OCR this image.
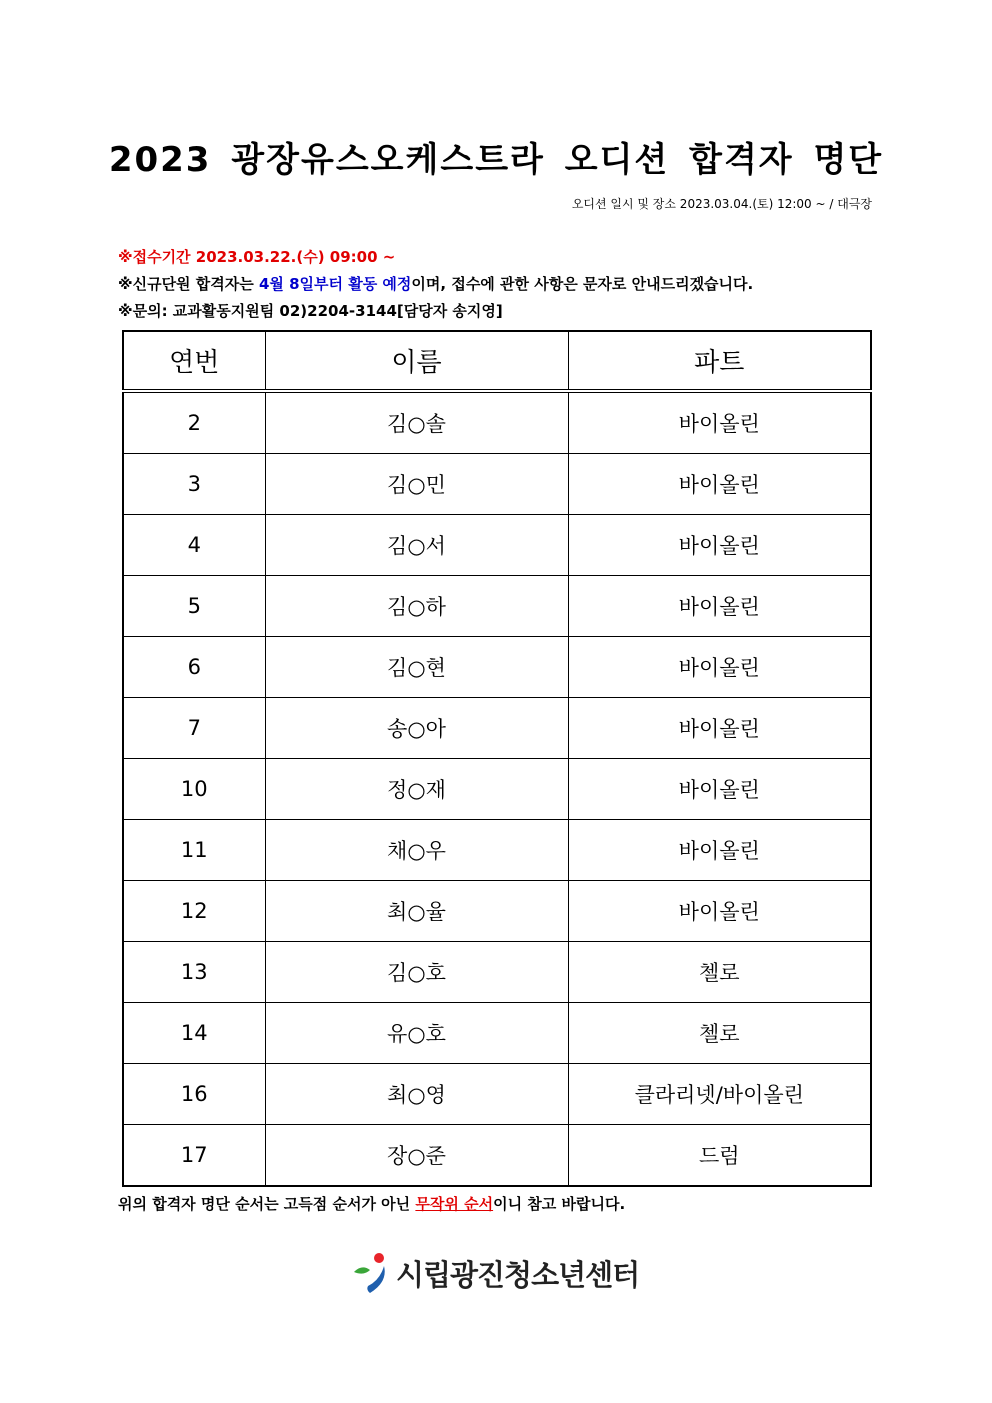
2023 광장유스오케스트라 오디션 합격자 명단
오디션 일시 및 장소 2023.03.04.(토) 12:00 ~ / 대극장
※접수기간 2023.03.22.(수) 09:00 ~
※신규단원 합격자는 4월 8일부터 활동 예정이며, 접수에 관한 사항은 문자로 안내드리겠습니다.
※문의: 교과활동지원팀 02)2204-3144[담당자 송지영]
연번	이름	파트
2	김○솔	바이올린
3	김○민	바이올린
4	김○서	바이올린
5	김○하	바이올린
6	김○현	바이올린
7	송○아	바이올린
10	정○재	바이올린
11	채○우	바이올린
12	최○율	바이올린
13	김○호	첼로
14	유○호	첼로
16	최○영	클라리넷/바이올린
17	장○준	드럼
위의 합격자 명단 순서는 고득점 순서가 아닌 무작위 순서이니 참고 바랍니다.
시립광진청소년센터
